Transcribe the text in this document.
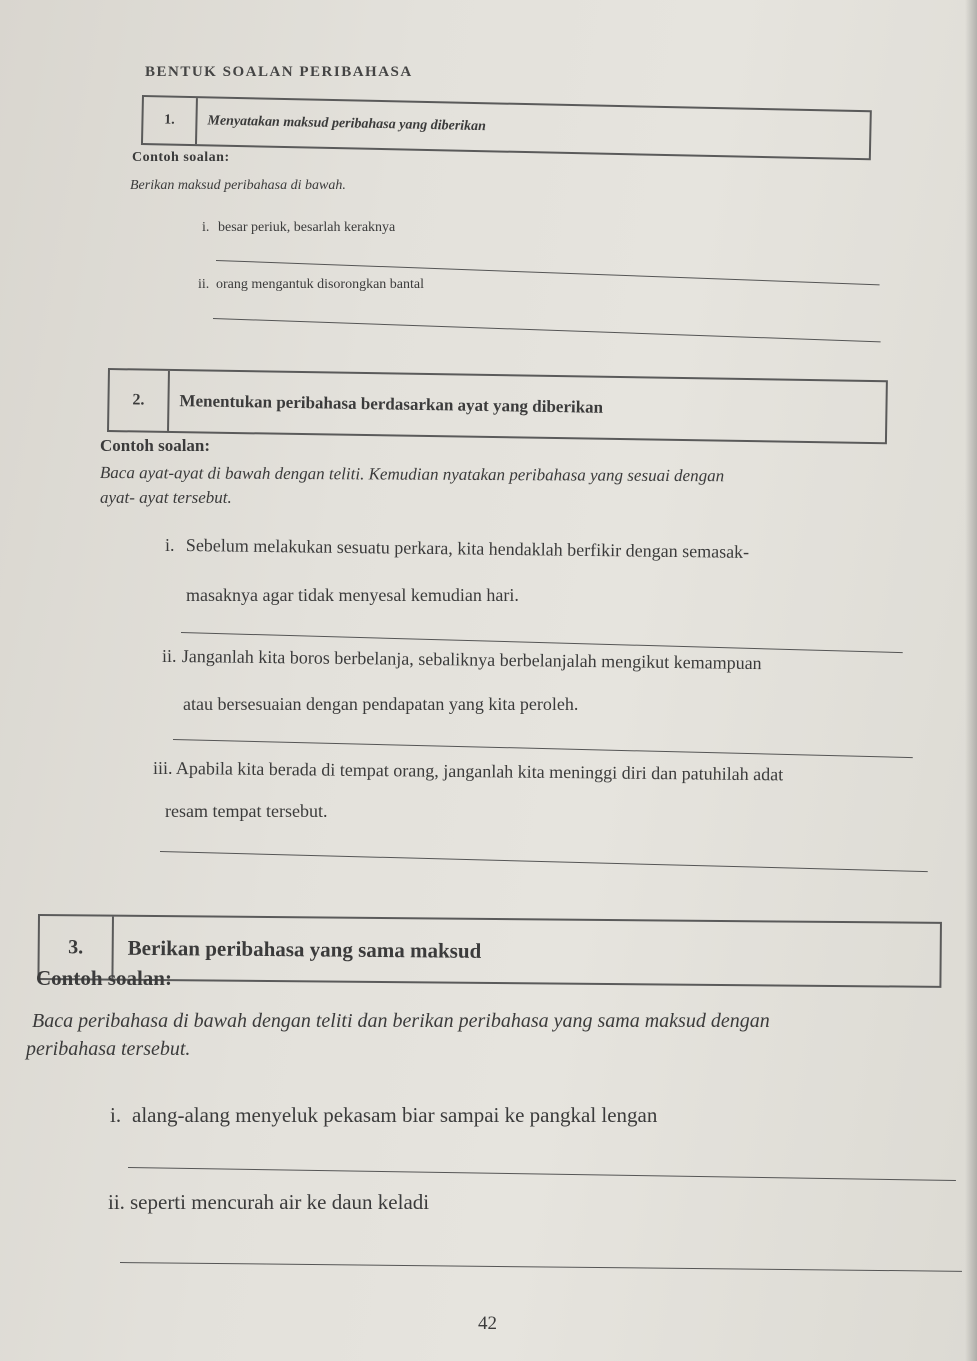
BENTUK SOALAN PERIBAHASA
1.	Menyatakan maksud peribahasa yang diberikan
Contoh soalan:
Berikan maksud peribahasa di bawah.
i. besar periuk, besarlah keraknya
ii. orang mengantuk disorongkan bantal
2.	Menentukan peribahasa berdasarkan ayat yang diberikan
Contoh soalan:
Baca ayat-ayat di bawah dengan teliti. Kemudian nyatakan peribahasa yang sesuai dengan
ayat- ayat tersebut.
i. Sebelum melakukan sesuatu perkara, kita hendaklah berfikir dengan semasak-
masaknya agar tidak menyesal kemudian hari.
ii. Janganlah kita boros berbelanja, sebaliknya berbelanjalah mengikut kemampuan
atau bersesuaian dengan pendapatan yang kita peroleh.
iii. Apabila kita berada di tempat orang, janganlah kita meninggi diri dan patuhilah adat
resam tempat tersebut.
3.	Berikan peribahasa yang sama maksud
Contoh soalan:
Baca peribahasa di bawah dengan teliti dan berikan peribahasa yang sama maksud dengan
peribahasa tersebut.
i. alang-alang menyeluk pekasam biar sampai ke pangkal lengan
ii. seperti mencurah air ke daun keladi
42
